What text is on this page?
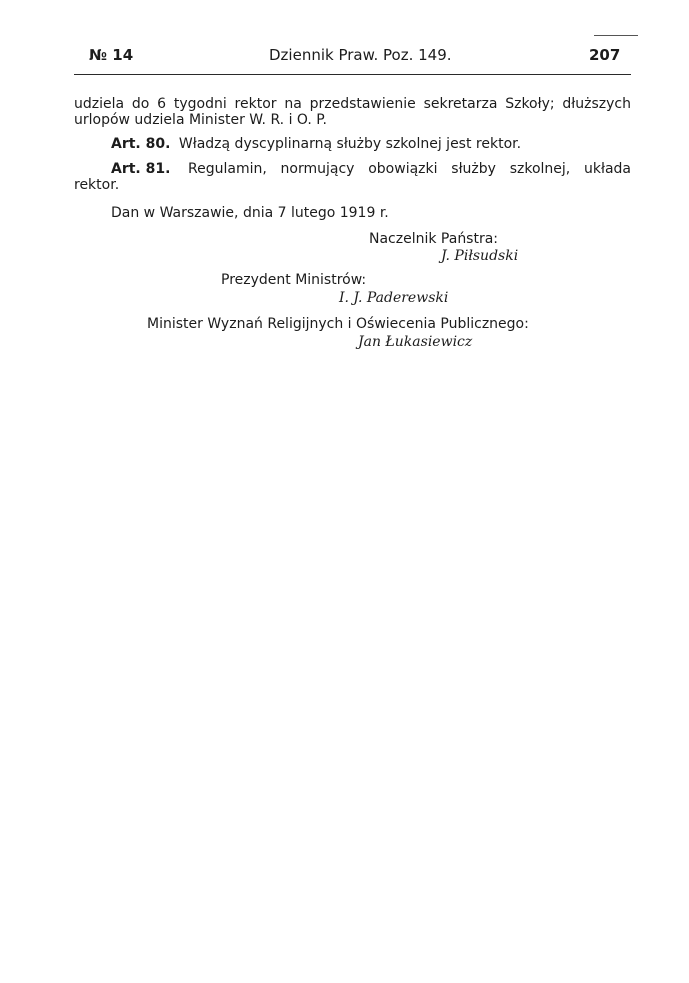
№ 14	Dziennik Praw. Poz. 149.	207
udziela do 6 tygodni rektor na przedstawienie sekretarza Szkoły; dłuższych
urlopów udziela Minister W. R. i O. P.
Art. 80. Władzą dyscyplinarną służby szkolnej jest rektor.
Art. 81. Regulamin, normujący obowiązki służby szkolnej, układa
rektor.
Dan w Warszawie, dnia 7 lutego 1919 r.
Naczelnik Państra:
J. Piłsudski
Prezydent Ministrów:
I. J. Paderewski
Minister Wyznań Religijnych i Oświecenia Publicznego:
Jan Łukasiewicz
